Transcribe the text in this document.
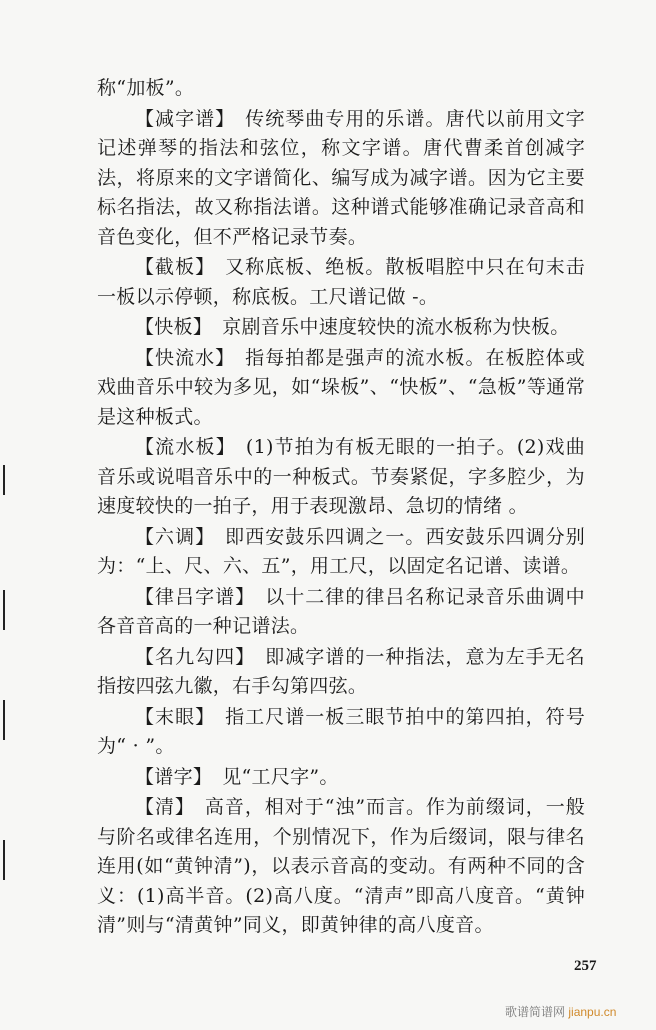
称“加板”。

【减字谱】 传统琴曲专用的乐谱。唐代以前用文字记述弹琴的指法和弦位，称文字谱。唐代曹柔首创减字法，将原来的文字谱简化、编写成为减字谱。因为它主要标名指法，故又称指法谱。这种谱式能够准确记录音高和音色变化，但不严格记录节奏。

【截板】 又称底板、绝板。散板唱腔中只在句末击一板以示停顿，称底板。工尺谱记做 -。

【快板】 京剧音乐中速度较快的流水板称为快板。

【快流水】 指每拍都是强声的流水板。在板腔体或戏曲音乐中较为多见，如“垛板”、“快板”、“急板”等通常是这种板式。

【流水板】 (1)节拍为有板无眼的一拍子。(2)戏曲音乐或说唱音乐中的一种板式。节奏紧促，字多腔少，为速度较快的一拍子，用于表现激昂、急切的情绪 。

【六调】 即西安鼓乐四调之一。西安鼓乐四调分别为：“上、尺、六、五”，用工尺，以固定名记谱、读谱。

【律吕字谱】 以十二律的律吕名称记录音乐曲调中各音音高的一种记谱法。

【名九勾四】 即减字谱的一种指法，意为左手无名指按四弦九徽，右手勾第四弦。

【末眼】 指工尺谱一板三眼节拍中的第四拍，符号为“ · ”。

【谱字】 见“工尺字”。

【清】 高音，相对于“浊”而言。作为前缀词，一般与阶名或律名连用，个别情况下，作为后缀词，限与律名连用(如“黄钟清”)，以表示音高的变动。有两种不同的含义：(1)高半音。(2)高八度。“清声”即高八度音。“黄钟清”则与“清黄钟”同义，即黄钟律的高八度音。

257
歌谱简谱网 jianpu.cn
